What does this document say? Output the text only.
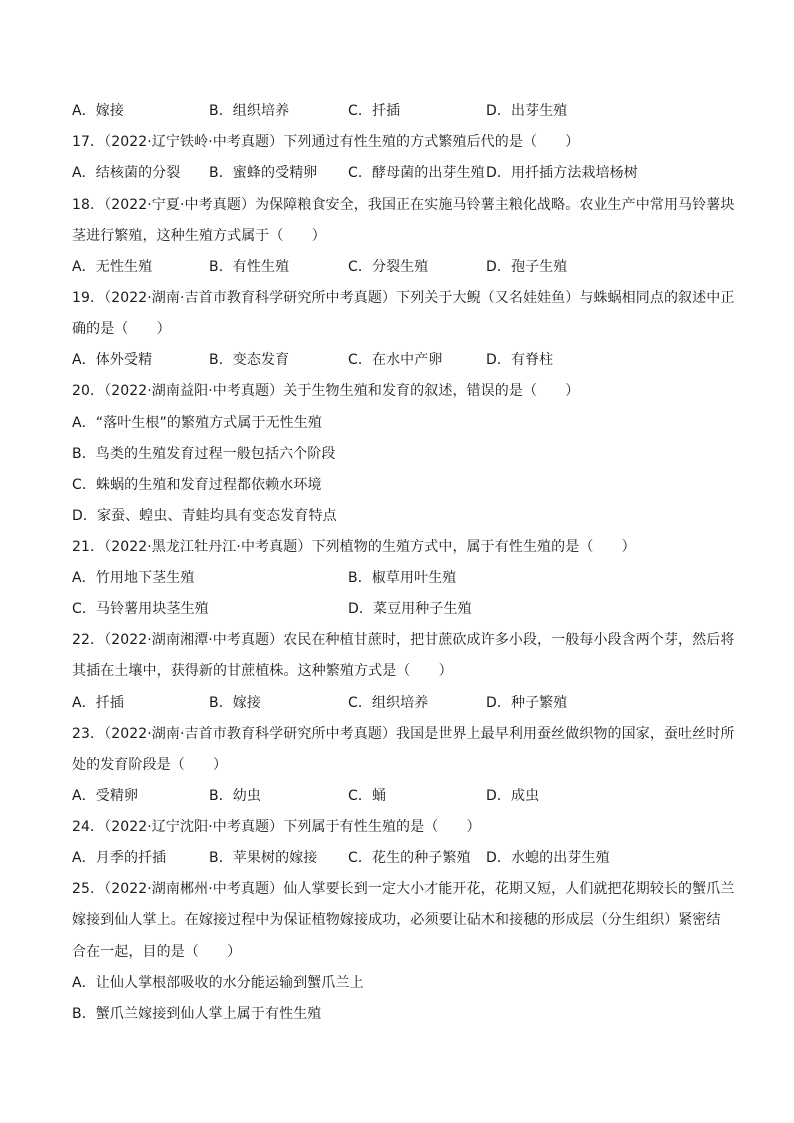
A．嫁接	B．组织培养	C．扦插	D．出芽生殖
17．（2022·辽宁铁岭·中考真题）下列通过有性生殖的方式繁殖后代的是（　　）
A．结核菌的分裂 B．蜜蜂的受精卵 C．酵母菌的出芽生殖 D．用扦插方法栽培杨树
18．（2022·宁夏·中考真题）为保障粮食安全，我国正在实施马铃薯主粮化战略。农业生产中常用马铃薯块
茎进行繁殖，这种生殖方式属于（　　）
A．无性生殖	B．有性生殖	C．分裂生殖	D．孢子生殖
19．（2022·湖南·吉首市教育科学研究所中考真题）下列关于大鲵（又名娃娃鱼）与蛛蜗相同点的叙述中正
确的是（　　）
A．体外受精	B．变态发育	C．在水中产卵	D．有脊柱
20．（2022·湖南益阳·中考真题）关于生物生殖和发育的叙述，错误的是（　　）
A．“落叶生根”的繁殖方式属于无性生殖
B．鸟类的生殖发育过程一般包括六个阶段
C．蛛蜗的生殖和发育过程都依赖水环境
D．家蚕、蝗虫、青蛙均具有变态发育特点
21．（2022·黑龙江牡丹江·中考真题）下列植物的生殖方式中，属于有性生殖的是（　　）
A．竹用地下茎生殖	B．椒草用叶生殖
C．马铃薯用块茎生殖	D．菜豆用种子生殖
22．（2022·湖南湘潭·中考真题）农民在种植甘蔗时，把甘蔗砍成许多小段，一般每小段含两个芽，然后将
其插在土壤中，获得新的甘蔗植株。这种繁殖方式是（　　）
A．扦插	B．嫁接	C．组织培养	D．种子繁殖
23．（2022·湖南·吉首市教育科学研究所中考真题）我国是世界上最早利用蚕丝做织物的国家，蚕吐丝时所
处的发育阶段是（　　）
A．受精卵	B．幼虫	C．蛹	D．成虫
24．（2022·辽宁沈阳·中考真题）下列属于有性生殖的是（　　）
A．月季的扦插	B．苹果树的嫁接 C．花生的种子繁殖 D．水螅的出芽生殖
25．（2022·湖南郴州·中考真题）仙人掌要长到一定大小才能开花，花期又短，人们就把花期较长的蟹爪兰
嫁接到仙人掌上。在嫁接过程中为保证植物嫁接成功，必须要让砧木和接穗的形成层（分生组织）紧密结
合在一起，目的是（　　）
A．让仙人掌根部吸收的水分能运输到蟹爪兰上
B．蟹爪兰嫁接到仙人掌上属于有性生殖
